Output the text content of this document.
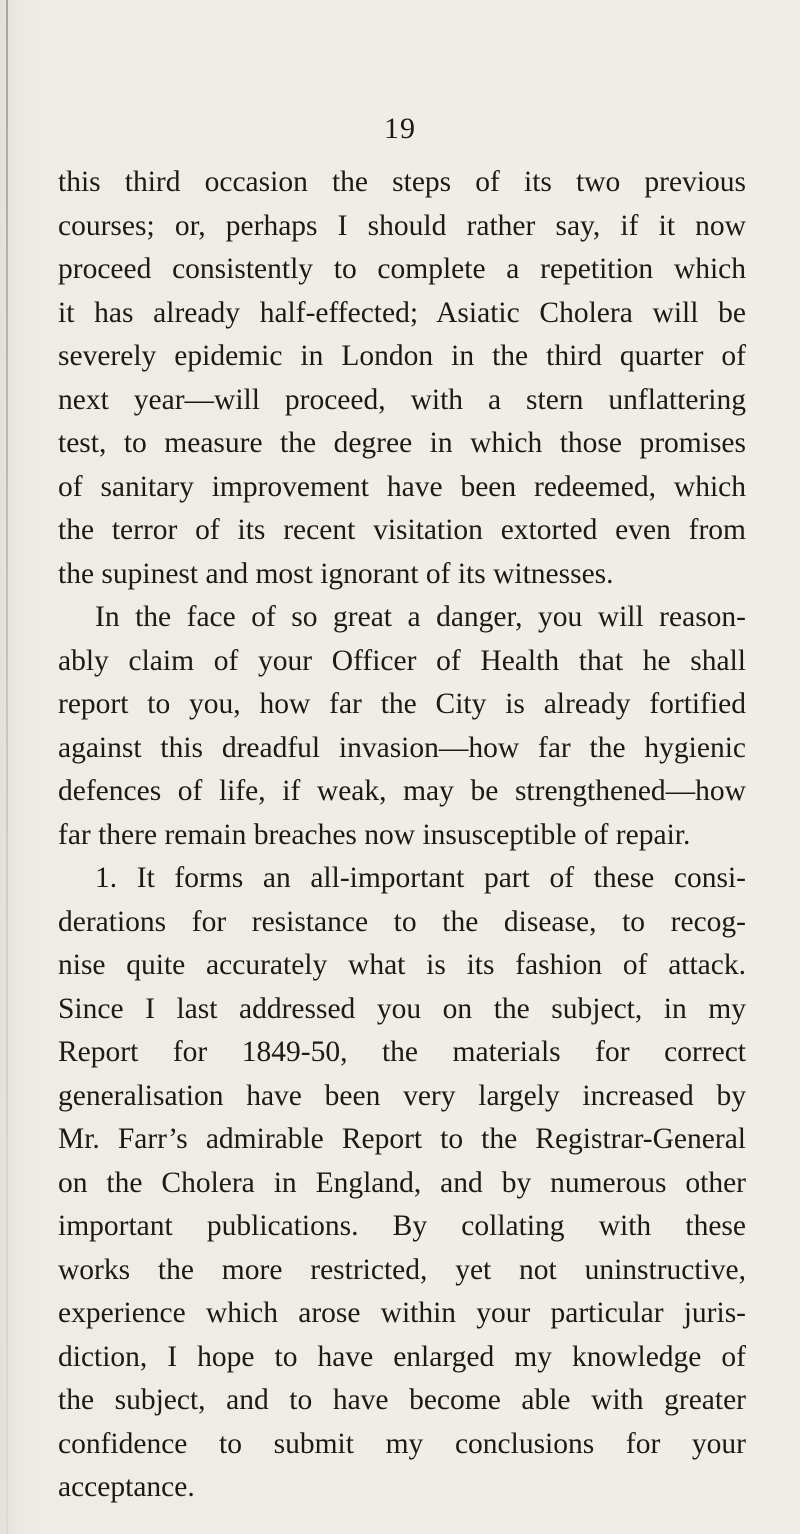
19
this third occasion the steps of its two previous
courses; or, perhaps I should rather say, if it now
proceed consistently to complete a repetition which
it has already half-effected; Asiatic Cholera will be
severely epidemic in London in the third quarter of
next year—will proceed, with a stern unflattering
test, to measure the degree in which those promises
of sanitary improvement have been redeemed, which
the terror of its recent visitation extorted even from
the supinest and most ignorant of its witnesses.
In the face of so great a danger, you will reason-
ably claim of your Officer of Health that he shall
report to you, how far the City is already fortified
against this dreadful invasion—how far the hygienic
defences of life, if weak, may be strengthened—how
far there remain breaches now insusceptible of repair.
1. It forms an all-important part of these consi-
derations for resistance to the disease, to recog-
nise quite accurately what is its fashion of attack.
Since I last addressed you on the subject, in my
Report for 1849-50, the materials for correct
generalisation have been very largely increased by
Mr. Farr’s admirable Report to the Registrar-General
on the Cholera in England, and by numerous other
important publications. By collating with these
works the more restricted, yet not uninstructive,
experience which arose within your particular juris-
diction, I hope to have enlarged my knowledge of
the subject, and to have become able with greater
confidence to submit my conclusions for your
acceptance.
